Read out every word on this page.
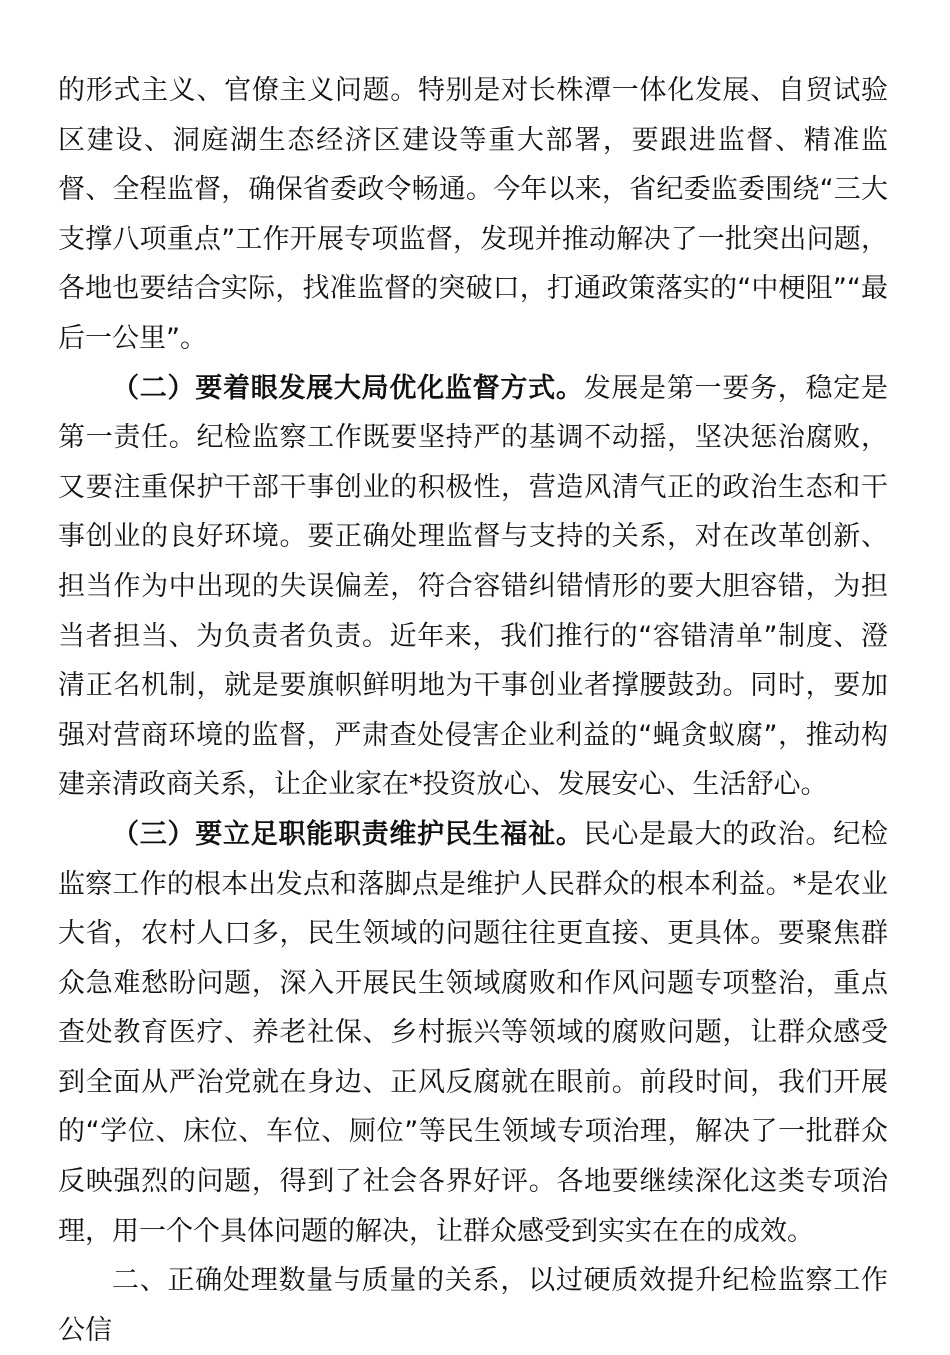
的形式主义、官僚主义问题。特别是对长株潭一体化发展、自贸试验区建设、洞庭湖生态经济区建设等重大部署，要跟进监督、精准监督、全程监督，确保省委政令畅通。今年以来，省纪委监委围绕“三大支撑八项重点”工作开展专项监督，发现并推动解决了一批突出问题，各地也要结合实际，找准监督的突破口，打通政策落实的“中梗阻”“最后一公里”。

（二）要着眼发展大局优化监督方式。发展是第一要务，稳定是第一责任。纪检监察工作既要坚持严的基调不动摇，坚决惩治腐败，又要注重保护干部干事创业的积极性，营造风清气正的政治生态和干事创业的良好环境。要正确处理监督与支持的关系，对在改革创新、担当作为中出现的失误偏差，符合容错纠错情形的要大胆容错，为担当者担当、为负责者负责。近年来，我们推行的“容错清单”制度、澄清正名机制，就是要旗帜鲜明地为干事创业者撑腰鼓劲。同时，要加强对营商环境的监督，严肃查处侵害企业利益的“蝇贪蚁腐”，推动构建亲清政商关系，让企业家在*投资放心、发展安心、生活舒心。

（三）要立足职能职责维护民生福祉。民心是最大的政治。纪检监察工作的根本出发点和落脚点是维护人民群众的根本利益。*是农业大省，农村人口多，民生领域的问题往往更直接、更具体。要聚焦群众急难愁盼问题，深入开展民生领域腐败和作风问题专项整治，重点查处教育医疗、养老社保、乡村振兴等领域的腐败问题，让群众感受到全面从严治党就在身边、正风反腐就在眼前。前段时间，我们开展的“学位、床位、车位、厕位”等民生领域专项治理，解决了一批群众反映强烈的问题，得到了社会各界好评。各地要继续深化这类专项治理，用一个个具体问题的解决，让群众感受到实实在在的成效。

二、正确处理数量与质量的关系，以过硬质效提升纪检监察工作公信
